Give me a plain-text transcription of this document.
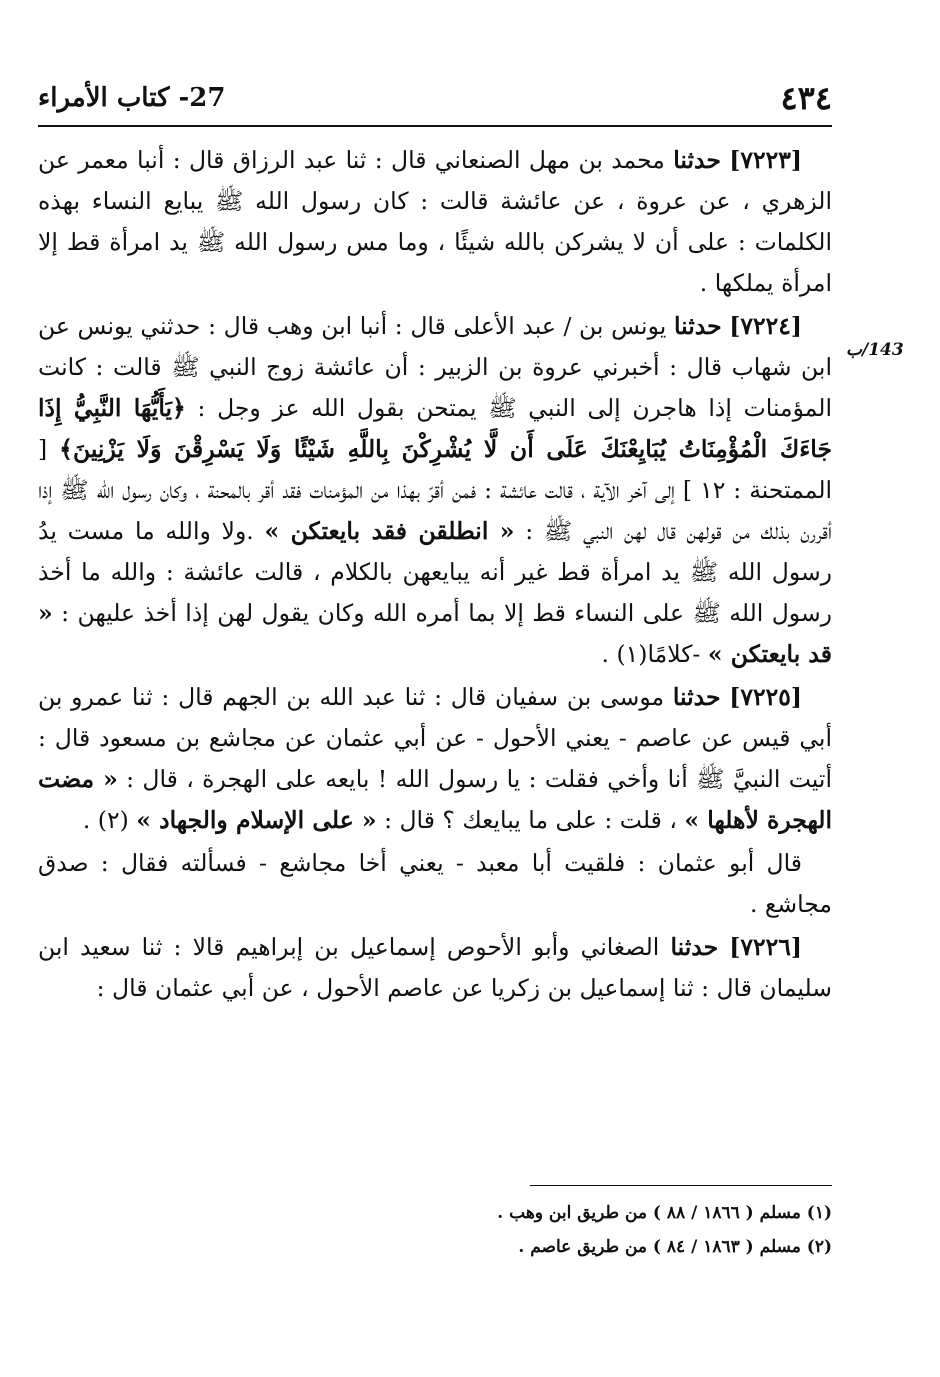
٤٣٤
27- كتاب الأمراء
143/ب

[٧٢٢٣] حدثنا محمد بن مهل الصنعاني قال : ثنا عبد الرزاق قال : أنبا معمر عن الزهري ، عن عروة ، عن عائشة قالت : كان رسول الله ﷺ يبايع النساء بهذه الكلمات : على أن لا يشركن بالله شيئًا ، وما مس رسول الله ﷺ يد امرأة قط إلا امرأة يملكها .

[٧٢٢٤] حدثنا يونس بن / عبد الأعلى قال : أنبا ابن وهب قال : حدثني يونس عن ابن شهاب قال : أخبرني عروة بن الزبير : أن عائشة زوج النبي ﷺ قالت : كانت المؤمنات إذا هاجرن إلى النبي ﷺ يمتحن بقول الله عز وجل : ﴿يَأَيُّهَا النَّبِيُّ إِذَا جَاءَكَ الْمُؤْمِنَاتُ يُبَايِعْنَكَ عَلَى أَن لَّا يُشْرِكْنَ بِاللَّهِ شَيْئًا وَلَا يَسْرِقْنَ وَلَا يَزْنِينَ﴾ [ الممتحنة : ١٢ ] إلى آخر الآية ، قالت عائشة : فمن أقرّ بهذا من المؤمنات فقد أقر بالمحنة ، وكان رسول الله ﷺ إذا أقررن بذلك من قولهن قال لهن النبي ﷺ : « انطلقن فقد بايعتكن » .ولا والله ما مست يدُ رسول الله ﷺ يد امرأة قط غير أنه يبايعهن بالكلام ، قالت عائشة : والله ما أخذ رسول الله ﷺ على النساء قط إلا بما أمره الله وكان يقول لهن إذا أخذ عليهن : « قد بايعتكن » -كلامًا(١) .

[٧٢٢٥] حدثنا موسى بن سفيان قال : ثنا عبد الله بن الجهم قال : ثنا عمرو بن أبي قيس عن عاصم - يعني الأحول - عن أبي عثمان عن مجاشع بن مسعود قال : أتيت النبيَّ ﷺ أنا وأخي فقلت : يا رسول الله ! بايعه على الهجرة ، قال : « مضت الهجرة لأهلها » ، قلت : على ما يبايعك ؟ قال : « على الإسلام والجهاد » (٢) .

قال أبو عثمان : فلقيت أبا معبد - يعني أخا مجاشع - فسألته فقال : صدق مجاشع .

[٧٢٢٦] حدثنا الصغاني وأبو الأحوص إسماعيل بن إبراهيم قالا : ثنا سعيد ابن سليمان قال : ثنا إسماعيل بن زكريا عن عاصم الأحول ، عن أبي عثمان قال :

(١) مسلم ( ١٨٦٦ / ٨٨ ) من طريق ابن وهب .

(٢) مسلم ( ١٨٦٣ / ٨٤ ) من طريق عاصم .
